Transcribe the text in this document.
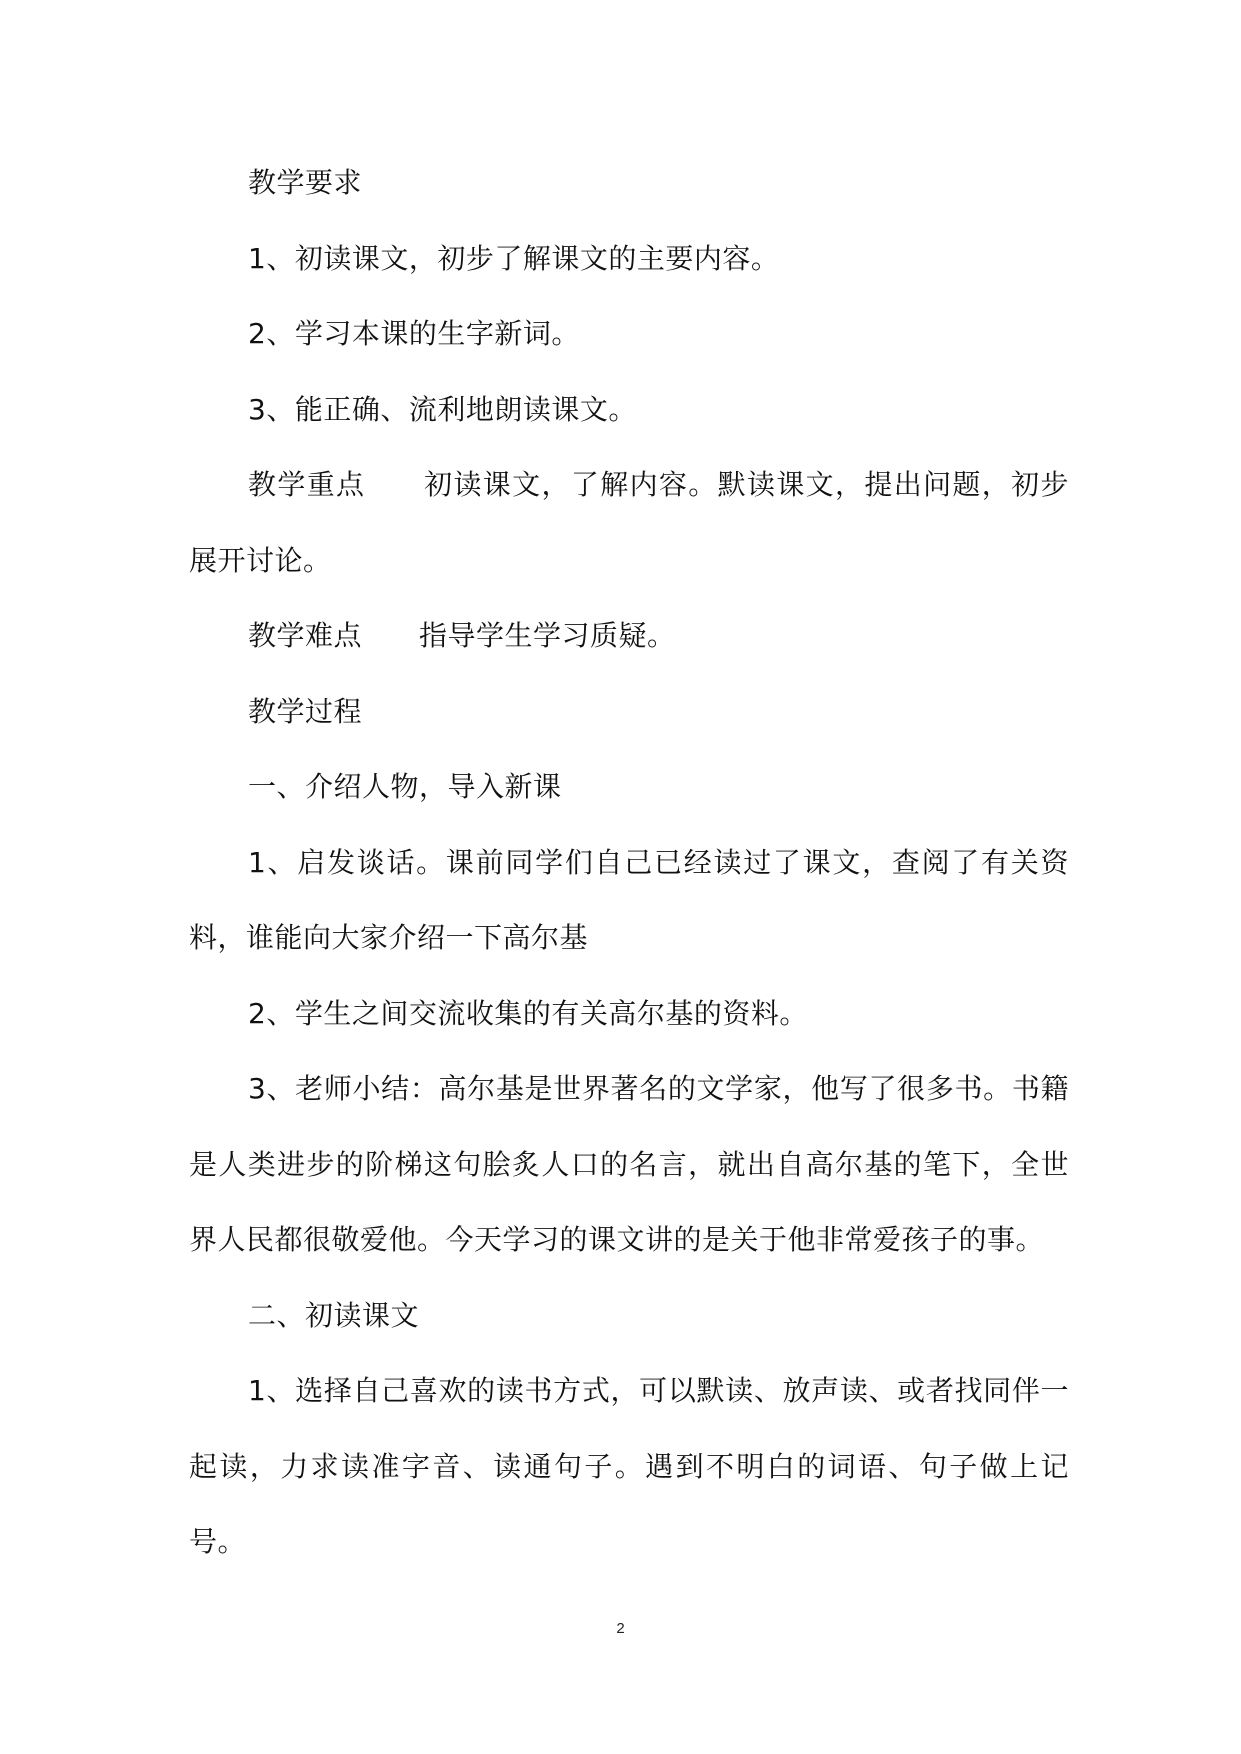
教学要求

1、初读课文，初步了解课文的主要内容。

2、学习本课的生字新词。

3、能正确、流利地朗读课文。

教学重点　　初读课文，了解内容。默读课文，提出问题，初步展开讨论。

教学难点　　指导学生学习质疑。

教学过程

一、介绍人物，导入新课

1、启发谈话。课前同学们自己已经读过了课文，查阅了有关资料，谁能向大家介绍一下高尔基

2、学生之间交流收集的有关高尔基的资料。

3、老师小结：高尔基是世界著名的文学家，他写了很多书。书籍是人类进步的阶梯这句脍炙人口的名言，就出自高尔基的笔下，全世界人民都很敬爱他。今天学习的课文讲的是关于他非常爱孩子的事。

二、初读课文

1、选择自己喜欢的读书方式，可以默读、放声读、或者找同伴一起读，力求读准字音、读通句子。遇到不明白的词语、句子做上记号。

2
